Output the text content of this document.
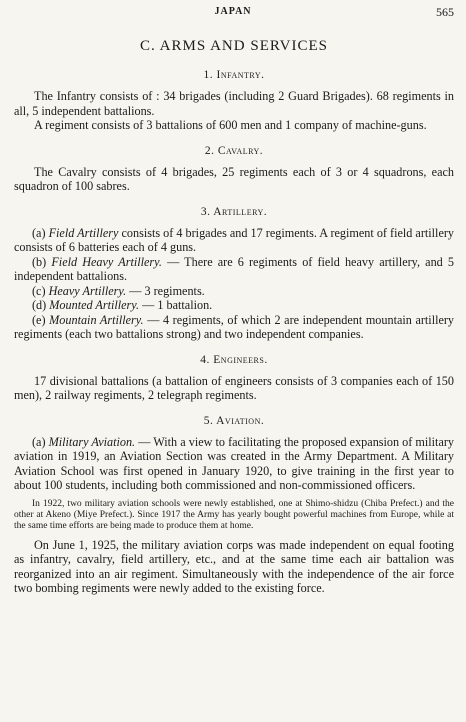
JAPAN	565
C. ARMS AND SERVICES
1. Infantry.

The Infantry consists of : 34 brigades (including 2 Guard Brigades). 68 regiments in all, 5 independent battalions.

A regiment consists of 3 battalions of 600 men and 1 company of machine-guns.

2. Cavalry.

The Cavalry consists of 4 brigades, 25 regiments each of 3 or 4 squadrons, each squadron of 100 sabres.

3. Artillery.

(a) Field Artillery consists of 4 brigades and 17 regiments. A regiment of field artillery consists of 6 batteries each of 4 guns.

(b) Field Heavy Artillery. — There are 6 regiments of field heavy artillery, and 5 independent battalions.

(c) Heavy Artillery. — 3 regiments.

(d) Mounted Artillery. — 1 battalion.

(e) Mountain Artillery. — 4 regiments, of which 2 are independent mountain artillery regiments (each two battalions strong) and two independent companies.

4. Engineers.

17 divisional battalions (a battalion of engineers consists of 3 companies each of 150 men), 2 railway regiments, 2 telegraph regiments.

5. Aviation.

(a) Military Aviation. — With a view to facilitating the proposed expansion of military aviation in 1919, an Aviation Section was created in the Army Department. A Military Aviation School was first opened in January 1920, to give training in the first year to about 100 students, including both commissioned and non-commissioned officers.

In 1922, two military aviation schools were newly established, one at Shimo-shidzu (Chiba Prefect.) and the other at Akeno (Miye Prefect.). Since 1917 the Army has yearly bought powerful machines from Europe, while at the same time efforts are being made to produce them at home.

On June 1, 1925, the military aviation corps was made independent on equal footing as infantry, cavalry, field artillery, etc., and at the same time each air battalion was reorganized into an air regiment. Simultaneously with the independence of the air force two bombing regiments were newly added to the existing force.
